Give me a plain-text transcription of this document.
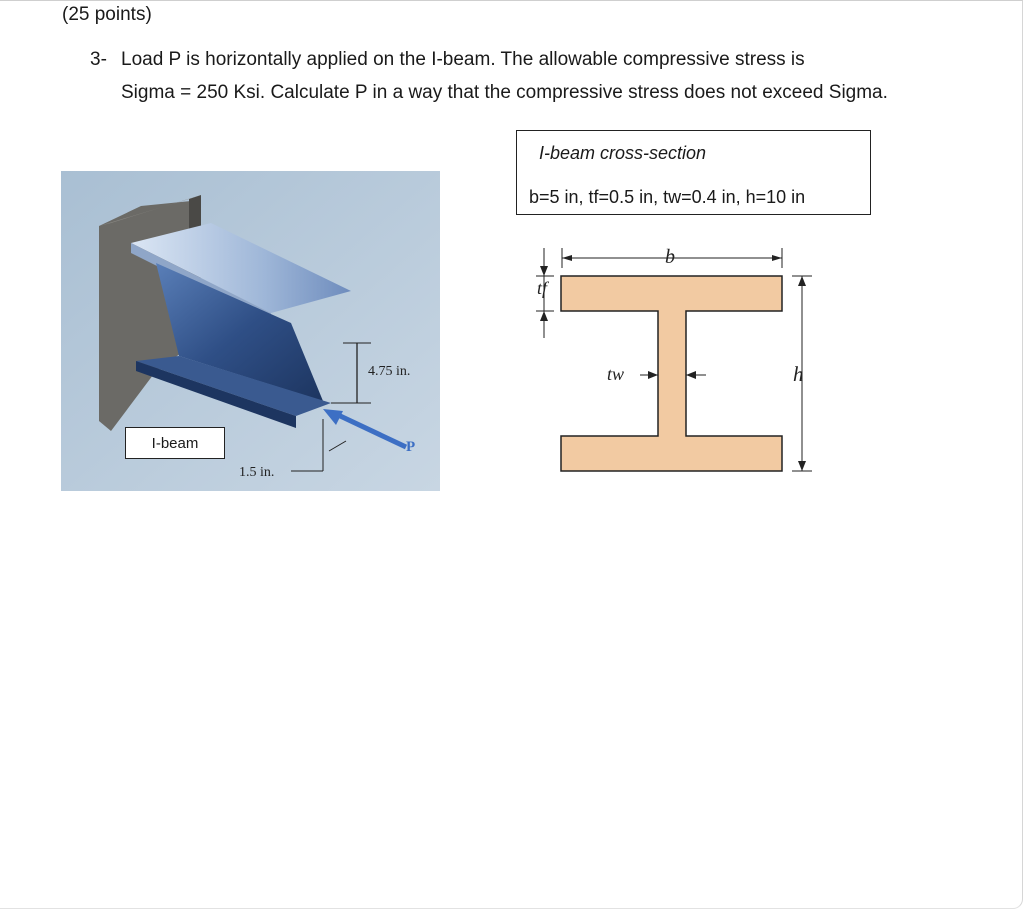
(25 points)
3- Load P is horizontally applied on the I-beam. The allowable compressive stress is
Sigma = 250 Ksi. Calculate P in a way that the compressive stress does not exceed Sigma.
4.75 in.
1.5 in.
P
I-beam
I-beam cross-section
b=5 in, tf=0.5 in, tw=0.4 in, h=10 in
b
tf
tw	h
